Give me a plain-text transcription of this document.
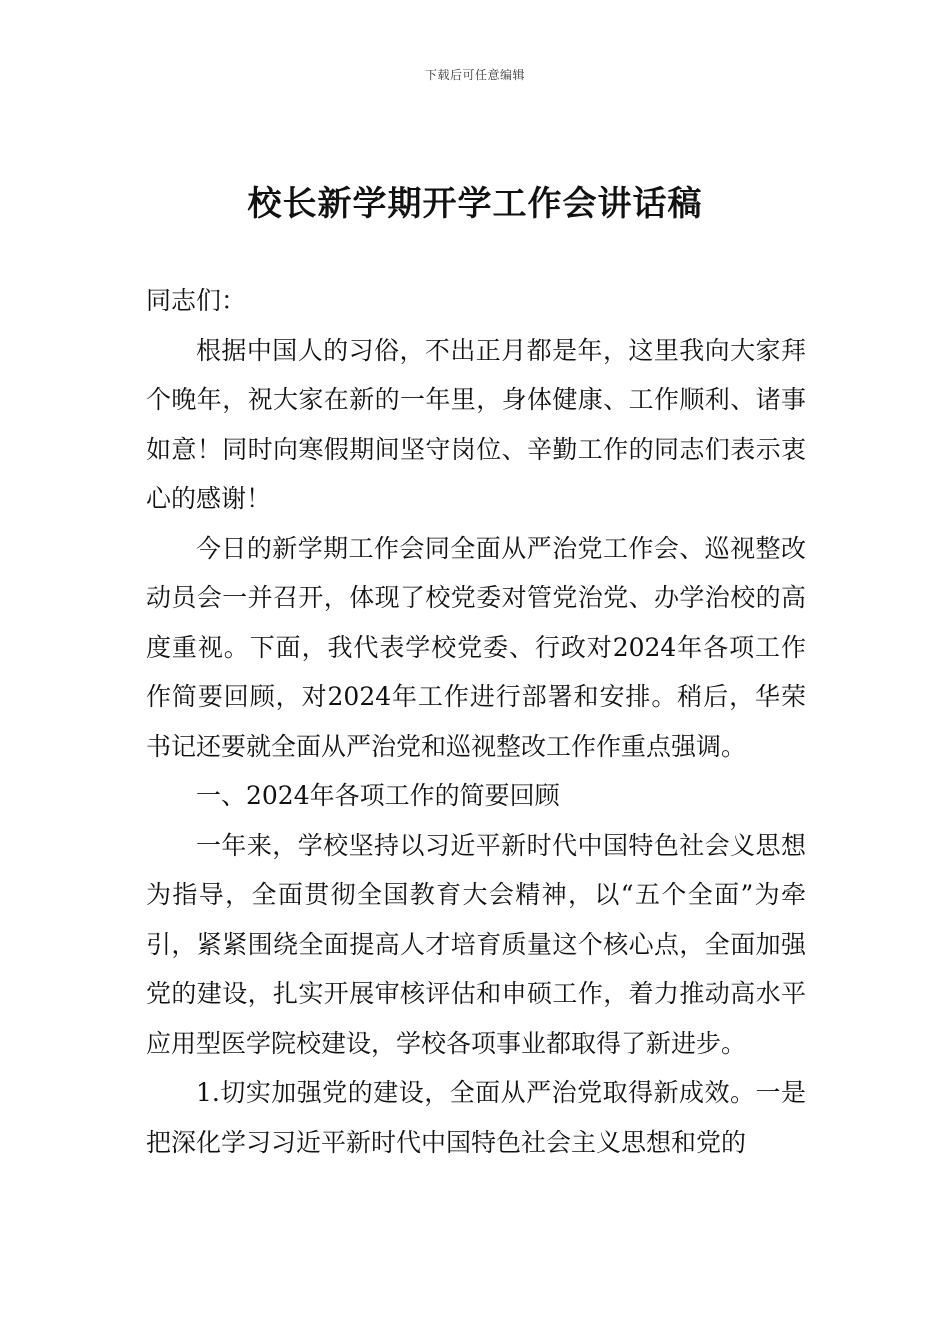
下载后可任意编辑
校长新学期开学工作会讲话稿

同志们：

根据中国人的习俗，不出正月都是年，这里我向大家拜个晚年，祝大家在新的一年里，身体健康、工作顺利、诸事如意！同时向寒假期间坚守岗位、辛勤工作的同志们表示衷心的感谢！

今日的新学期工作会同全面从严治党工作会、巡视整改动员会一并召开，体现了校党委对管党治党、办学治校的高度重视。下面，我代表学校党委、行政对2024年各项工作作简要回顾，对2024年工作进行部署和安排。稍后，华荣书记还要就全面从严治党和巡视整改工作作重点强调。

一、2024年各项工作的简要回顾

一年来，学校坚持以习近平新时代中国特色社会义思想为指导，全面贯彻全国教育大会精神，以“五个全面”为牵引，紧紧围绕全面提高人才培育质量这个核心点，全面加强党的建设，扎实开展审核评估和申硕工作，着力推动高水平应用型医学院校建设，学校各项事业都取得了新进步。

1.切实加强党的建设，全面从严治党取得新成效。一是把深化学习习近平新时代中国特色社会主义思想和党的
